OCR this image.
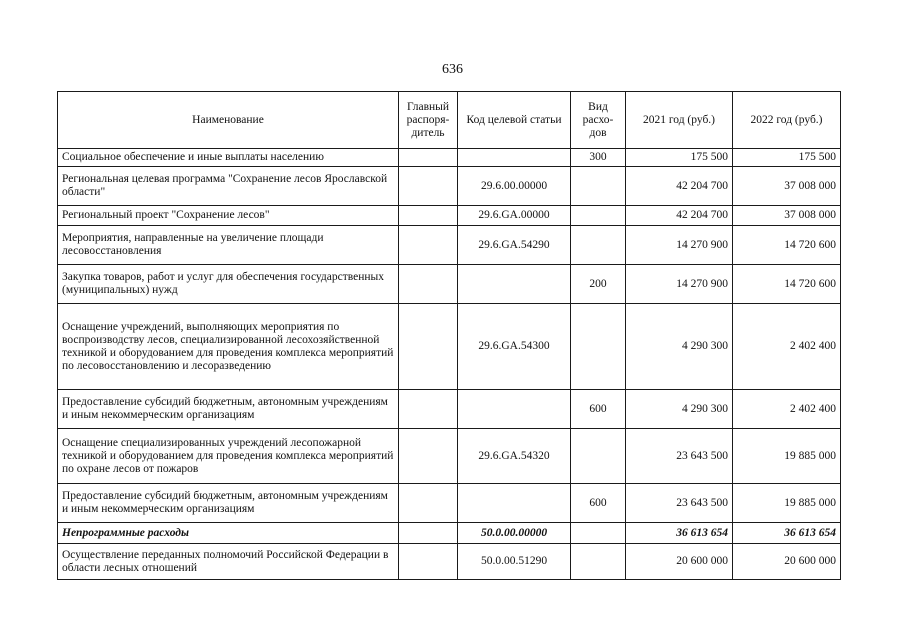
636
Наименование	Главный распоря-дитель	Код целевой статьи	Вид расхо-дов	2021 год (руб.)	2022 год (руб.)
Социальное обеспечение и иные выплаты населению			300	175 500	175 500
Региональная целевая программа "Сохранение лесов Ярославской области"		29.6.00.00000		42 204 700	37 008 000
Региональный проект "Сохранение лесов"		29.6.GA.00000		42 204 700	37 008 000
Мероприятия, направленные на увеличение площади лесовосстановления		29.6.GA.54290		14 270 900	14 720 600
Закупка товаров, работ и услуг для обеспечения государственных (муниципальных) нужд			200	14 270 900	14 720 600
Оснащение учреждений, выполняющих мероприятия по воспроизводству лесов, специализированной лесохозяйственной техникой и оборудованием для проведения комплекса мероприятий по лесовосстановлению и лесоразведению		29.6.GA.54300		4 290 300	2 402 400
Предоставление субсидий бюджетным, автономным учреждениям и иным некоммерческим организациям			600	4 290 300	2 402 400
Оснащение специализированных учреждений лесопожарной техникой и оборудованием для проведения комплекса мероприятий по охране лесов от пожаров		29.6.GA.54320		23 643 500	19 885 000
Предоставление субсидий бюджетным, автономным учреждениям и иным некоммерческим организациям			600	23 643 500	19 885 000
Непрограммные расходы		50.0.00.00000		36 613 654	36 613 654
Осуществление переданных полномочий Российской Федерации в области лесных отношений		50.0.00.51290		20 600 000	20 600 000
